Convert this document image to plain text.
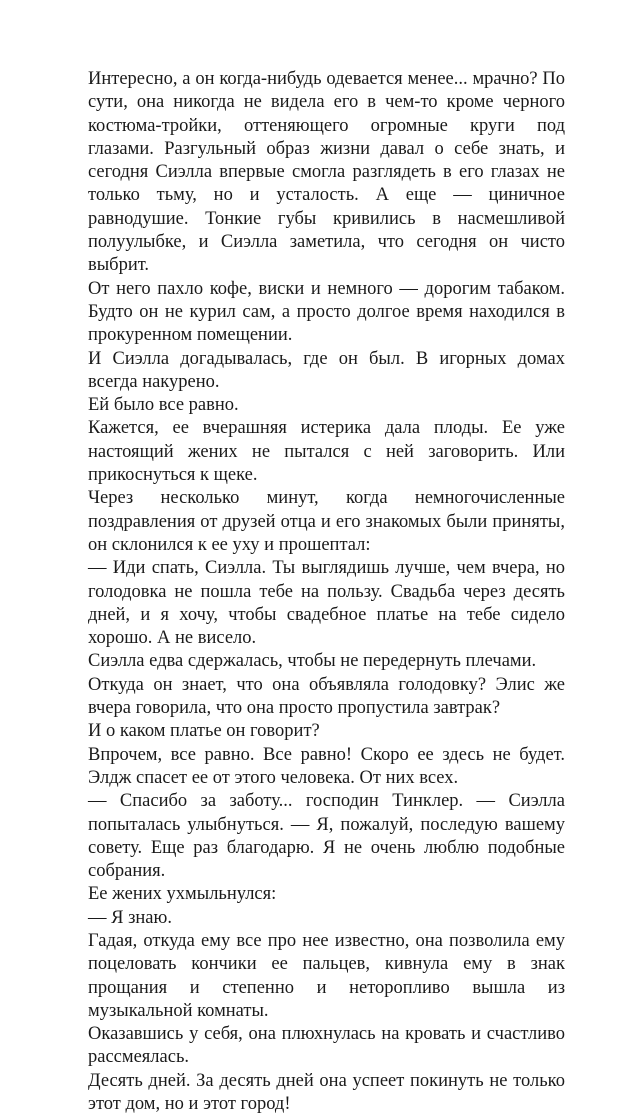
Интересно, а он когда-нибудь одевается менее... мрачно? По сути, она никогда не видела его в чем-то кроме черного костюма-тройки, оттеняющего огромные круги под глазами. Разгульный образ жизни давал о себе знать, и сегодня Сиэлла впервые смогла разглядеть в его глазах не только тьму, но и усталость. А еще — циничное равнодушие. Тонкие губы кривились в насмешливой полуулыбке, и Сиэлла заметила, что сегодня он чисто выбрит.

От него пахло кофе, виски и немного — дорогим табаком. Будто он не курил сам, а просто долгое время находился в прокуренном помещении.

И Сиэлла догадывалась, где он был. В игорных домах всегда накурено.

Ей было все равно.

Кажется, ее вчерашняя истерика дала плоды. Ее уже настоящий жених не пытался с ней заговорить. Или прикоснуться к щеке.

Через несколько минут, когда немногочисленные поздравления от друзей отца и его знакомых были приняты, он склонился к ее уху и прошептал:

— Иди спать, Сиэлла. Ты выглядишь лучше, чем вчера, но голодовка не пошла тебе на пользу. Свадьба через десять дней, и я хочу, чтобы свадебное платье на тебе сидело хорошо. А не висело.

Сиэлла едва сдержалась, чтобы не передернуть плечами.

Откуда он знает, что она объявляла голодовку? Элис же вчера говорила, что она просто пропустила завтрак?

И о каком платье он говорит?

Впрочем, все равно. Все равно! Скоро ее здесь не будет. Элдж спасет ее от этого человека. От них всех.

— Спасибо за заботу... господин Тинклер. — Сиэлла попыталась улыбнуться. — Я, пожалуй, последую вашему совету. Еще раз благодарю. Я не очень люблю подобные собрания.

Ее жених ухмыльнулся:

— Я знаю.

Гадая, откуда ему все про нее известно, она позволила ему поцеловать кончики ее пальцев, кивнула ему в знак прощания и степенно и неторопливо вышла из музыкальной комнаты.

Оказавшись у себя, она плюхнулась на кровать и счастливо рассмеялась.

Десять дней. За десять дней она успеет покинуть не только этот дом, но и этот город!
